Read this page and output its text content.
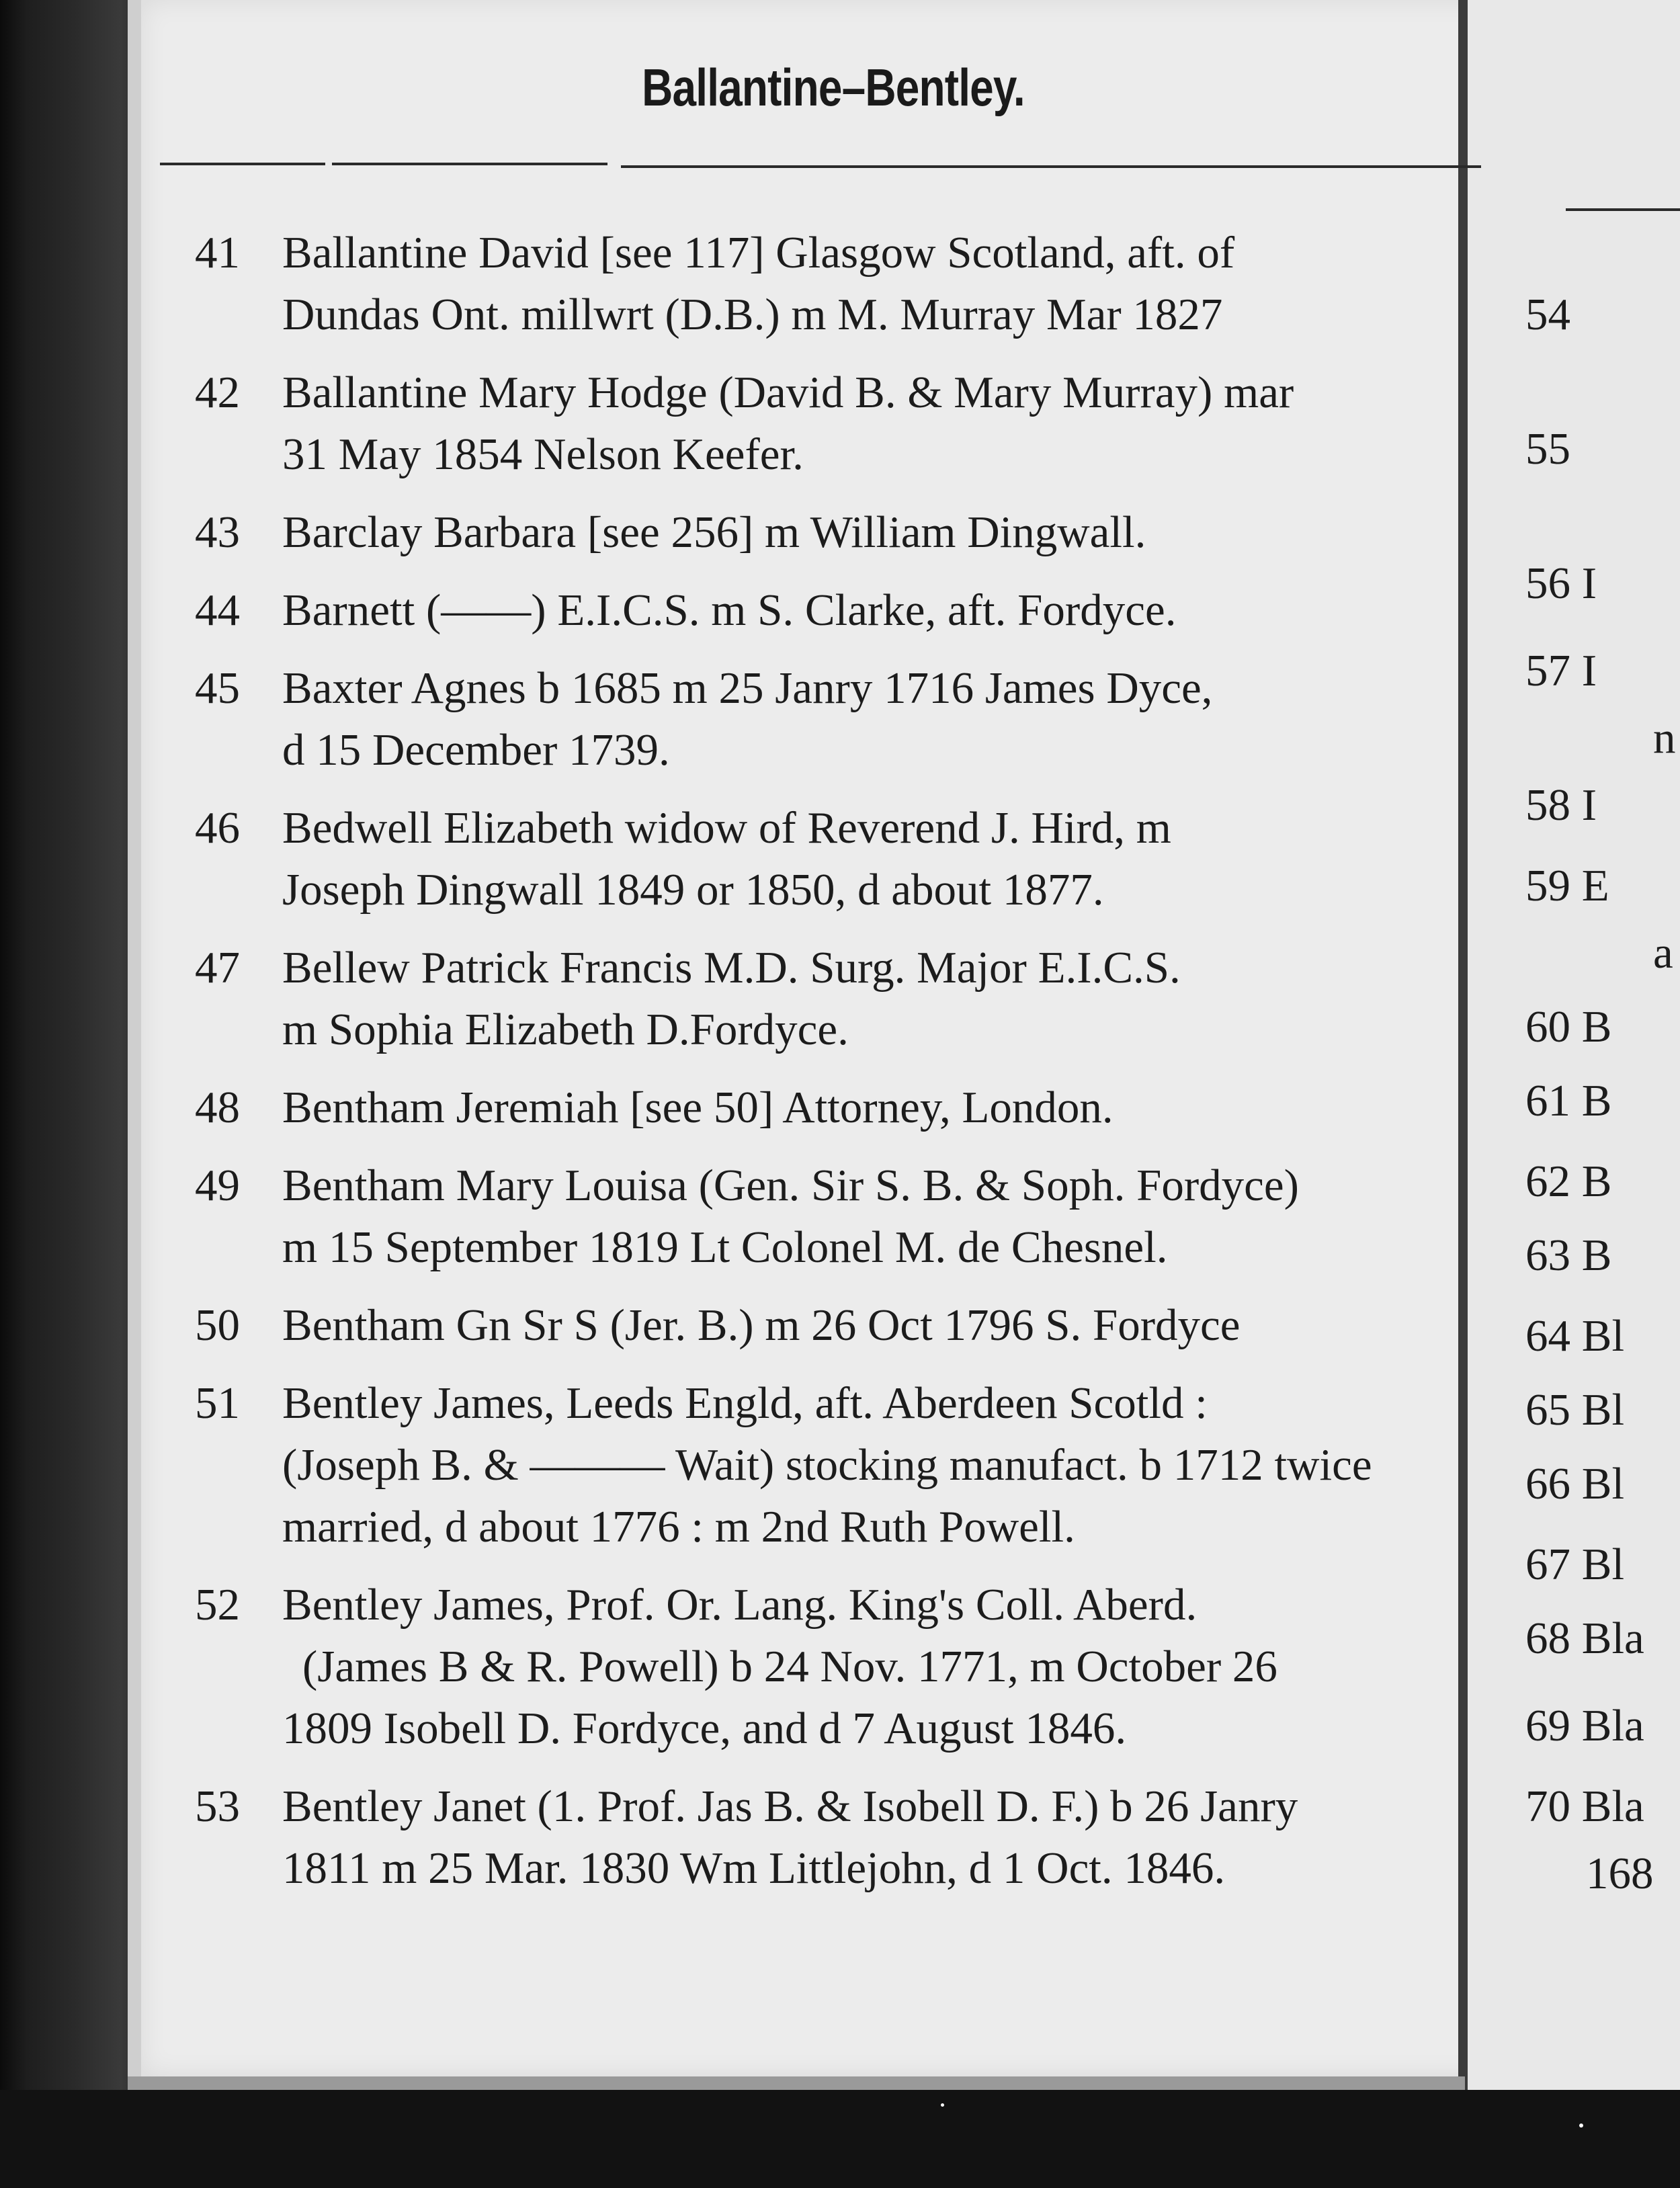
Ballantine–Bentley.
41 Ballantine David [see 117] Glasgow Scotland, aft. of
Dundas Ont. millwrt (D.B.) m M. Murray Mar 1827
42 Ballantine Mary Hodge (David B. & Mary Murray) mar
31 May 1854 Nelson Keefer.
43 Barclay Barbara [see 256] m William Dingwall.
44 Barnett (——) E.I.C.S. m S. Clarke, aft. Fordyce.
45 Baxter Agnes b 1685 m 25 Janry 1716 James Dyce,
d 15 December 1739.
46 Bedwell Elizabeth widow of Reverend J. Hird, m
Joseph Dingwall 1849 or 1850, d about 1877.
47 Bellew Patrick Francis M.D. Surg. Major E.I.C.S.
m Sophia Elizabeth D.Fordyce.
48 Bentham Jeremiah [see 50] Attorney, London.
49 Bentham Mary Louisa (Gen. Sir S. B. & Soph. Fordyce)
m 15 September 1819 Lt Colonel M. de Chesnel.
50 Bentham Gn Sr S (Jer. B.) m 26 Oct 1796 S. Fordyce
51 Bentley James, Leeds Engld, aft. Aberdeen Scotld :
(Joseph B. & ——— Wait) stocking manufact. b 1712 twice
married, d about 1776 : m 2nd Ruth Powell.
52 Bentley James, Prof. Or. Lang. King's Coll. Aberd.
(James B & R. Powell) b 24 Nov. 1771, m October 26
1809 Isobell D. Fordyce, and d 7 August 1846.
53 Bentley Janet (1. Prof. Jas B. & Isobell D. F.) b 26 Janry
1811 m 25 Mar. 1830 Wm Littlejohn, d 1 Oct. 1846.
54
55
56 I
57 I
n
58 I
59 E
a
60 B
61 B
62 B
63 B
64 Bl
65 Bl
66 Bl
67 Bl
68 Bla
69 Bla
70 Bla
168
